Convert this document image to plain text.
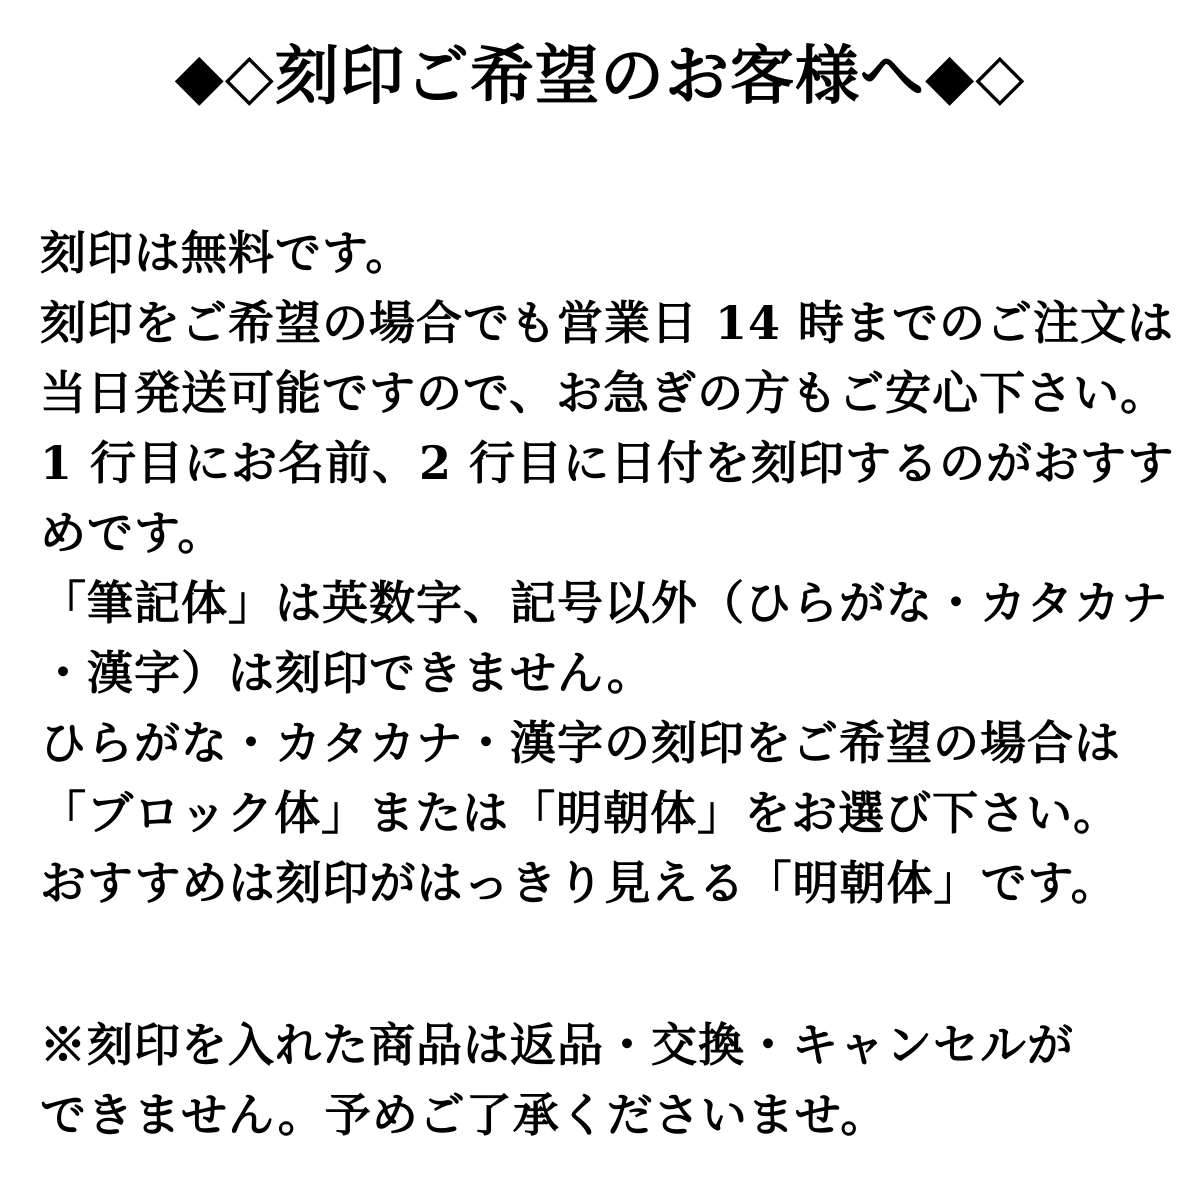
◆◇刻印ご希望のお客様へ◆◇
刻印は無料です。
刻印をご希望の場合でも営業日 14 時までのご注文は
当日発送可能ですので、お急ぎの方もご安心下さい。
1 行目にお名前、2 行目に日付を刻印するのがおすす
めです。
「筆記体」は英数字、記号以外（ひらがな・カタカナ
・漢字）は刻印できません。
ひらがな・カタカナ・漢字の刻印をご希望の場合は
「ブロック体」または「明朝体」をお選び下さい。
おすすめは刻印がはっきり見える「明朝体」です。
※刻印を入れた商品は返品・交換・キャンセルが
できません。予めご了承くださいませ。
